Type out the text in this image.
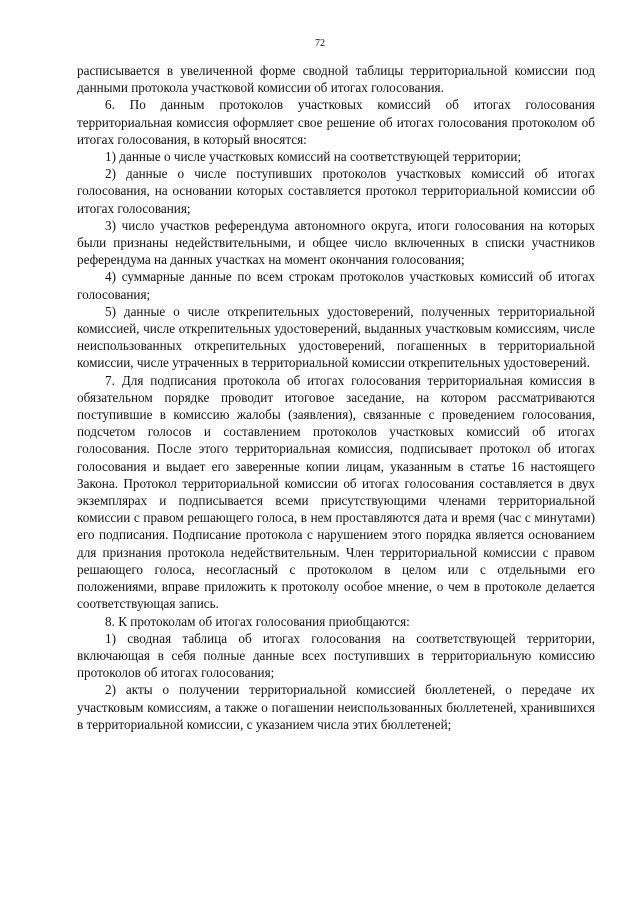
72

расписывается в увеличенной форме сводной таблицы территориальной комиссии под данными протокола участковой комиссии об итогах голосования.

6. По данным протоколов участковых комиссий об итогах голосования территориальная комиссия оформляет свое решение об итогах голосования протоколом об итогах голосования, в который вносятся:

1) данные о числе участковых комиссий на соответствующей территории;

2) данные о числе поступивших протоколов участковых комиссий об итогах голосования, на основании которых составляется протокол территориальной комиссии об итогах голосования;

3) число участков референдума автономного округа, итоги голосования на которых были признаны недействительными, и общее число включенных в списки участников референдума на данных участках на момент окончания голосования;

4) суммарные данные по всем строкам протоколов участковых комиссий об итогах голосования;

5) данные о числе открепительных удостоверений, полученных территориальной комиссией, числе открепительных удостоверений, выданных участковым комиссиям, числе неиспользованных открепительных удостоверений, погашенных в территориальной комиссии, числе утраченных в территориальной комиссии открепительных удостоверений.

7. Для подписания протокола об итогах голосования территориальная комиссия в обязательном порядке проводит итоговое заседание, на котором рассматриваются поступившие в комиссию жалобы (заявления), связанные с проведением голосования, подсчетом голосов и составлением протоколов участковых комиссий об итогах голосования. После этого территориальная комиссия, подписывает протокол об итогах голосования и выдает его заверенные копии лицам, указанным в статье 16 настоящего Закона. Протокол территориальной комиссии об итогах голосования составляется в двух экземплярах и подписывается всеми присутствующими членами территориальной комиссии с правом решающего голоса, в нем проставляются дата и время (час с минутами) его подписания. Подписание протокола с нарушением этого порядка является основанием для признания протокола недействительным. Член территориальной комиссии с правом решающего голоса, несогласный с протоколом в целом или с отдельными его положениями, вправе приложить к протоколу особое мнение, о чем в протоколе делается соответствующая запись.

8. К протоколам об итогах голосования приобщаются:

1) сводная таблица об итогах голосования на соответствующей территории, включающая в себя полные данные всех поступивших в территориальную комиссию протоколов об итогах голосования;

2) акты о получении территориальной комиссией бюллетеней, о передаче их участковым комиссиям, а также о погашении неиспользованных бюллетеней, хранившихся в территориальной комиссии, с указанием числа этих бюллетеней;
